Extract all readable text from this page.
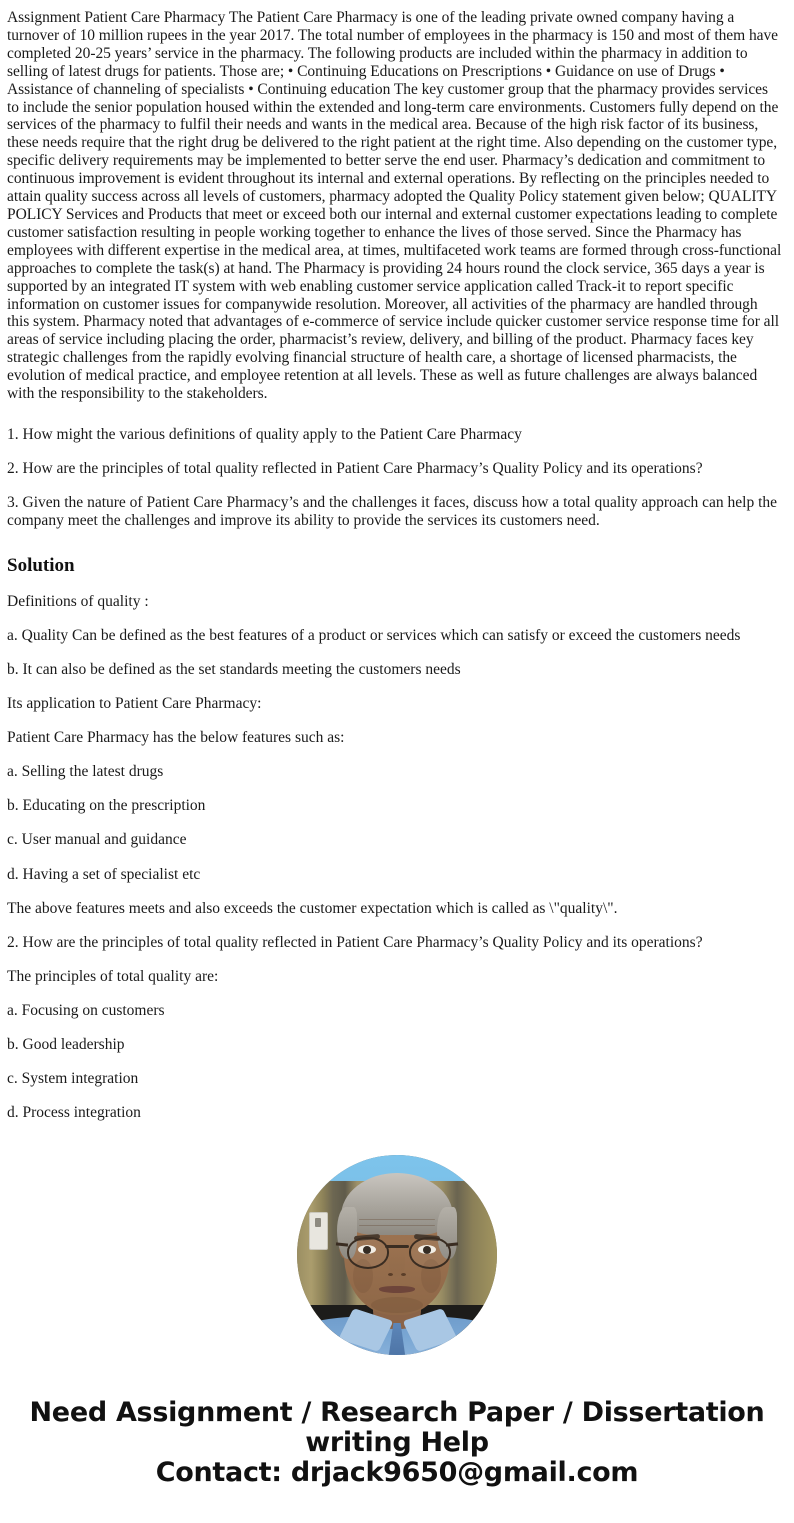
Assignment Patient Care Pharmacy The Patient Care Pharmacy is one of the leading private owned company having a turnover of 10 million rupees in the year 2017. The total number of employees in the pharmacy is 150 and most of them have completed 20-25 years’ service in the pharmacy. The following products are included within the pharmacy in addition to selling of latest drugs for patients. Those are; • Continuing Educations on Prescriptions • Guidance on use of Drugs • Assistance of channeling of specialists • Continuing education The key customer group that the pharmacy provides services to include the senior population housed within the extended and long-term care environments. Customers fully depend on the services of the pharmacy to fulfil their needs and wants in the medical area. Because of the high risk factor of its business, these needs require that the right drug be delivered to the right patient at the right time. Also depending on the customer type, specific delivery requirements may be implemented to better serve the end user. Pharmacy’s dedication and commitment to continuous improvement is evident throughout its internal and external operations. By reflecting on the principles needed to attain quality success across all levels of customers, pharmacy adopted the Quality Policy statement given below; QUALITY POLICY Services and Products that meet or exceed both our internal and external customer expectations leading to complete customer satisfaction resulting in people working together to enhance the lives of those served. Since the Pharmacy has employees with different expertise in the medical area, at times, multifaceted work teams are formed through cross-functional approaches to complete the task(s) at hand. The Pharmacy is providing 24 hours round the clock service, 365 days a year is supported by an integrated IT system with web enabling customer service application called Track-it to report specific information on customer issues for companywide resolution. Moreover, all activities of the pharmacy are handled through this system. Pharmacy noted that advantages of e-commerce of service include quicker customer service response time for all areas of service including placing the order, pharmacist’s review, delivery, and billing of the product. Pharmacy faces key strategic challenges from the rapidly evolving financial structure of health care, a shortage of licensed pharmacists, the evolution of medical practice, and employee retention at all levels. These as well as future challenges are always balanced with the responsibility to the stakeholders.

1. How might the various definitions of quality apply to the Patient Care Pharmacy

2. How are the principles of total quality reflected in Patient Care Pharmacy’s Quality Policy and its operations?

3. Given the nature of Patient Care Pharmacy’s and the challenges it faces, discuss how a total quality approach can help the company meet the challenges and improve its ability to provide the services its customers need.

Solution

Definitions of quality :

a. Quality Can be defined as the best features of a product or services which can satisfy or exceed the customers needs

b. It can also be defined as the set standards meeting the customers needs

Its application to Patient Care Pharmacy:

Patient Care Pharmacy has the below features such as:

a. Selling the latest drugs

b. Educating on the prescription

c. User manual and guidance

d. Having a set of specialist etc

The above features meets and also exceeds the customer expectation which is called as \"quality\".

2. How are the principles of total quality reflected in Patient Care Pharmacy’s Quality Policy and its operations?

The principles of total quality are:

a. Focusing on customers

b. Good leadership

c. System integration

d. Process integration

Need Assignment / Research Paper / Dissertation writing Help
Contact: drjack9650@gmail.com
